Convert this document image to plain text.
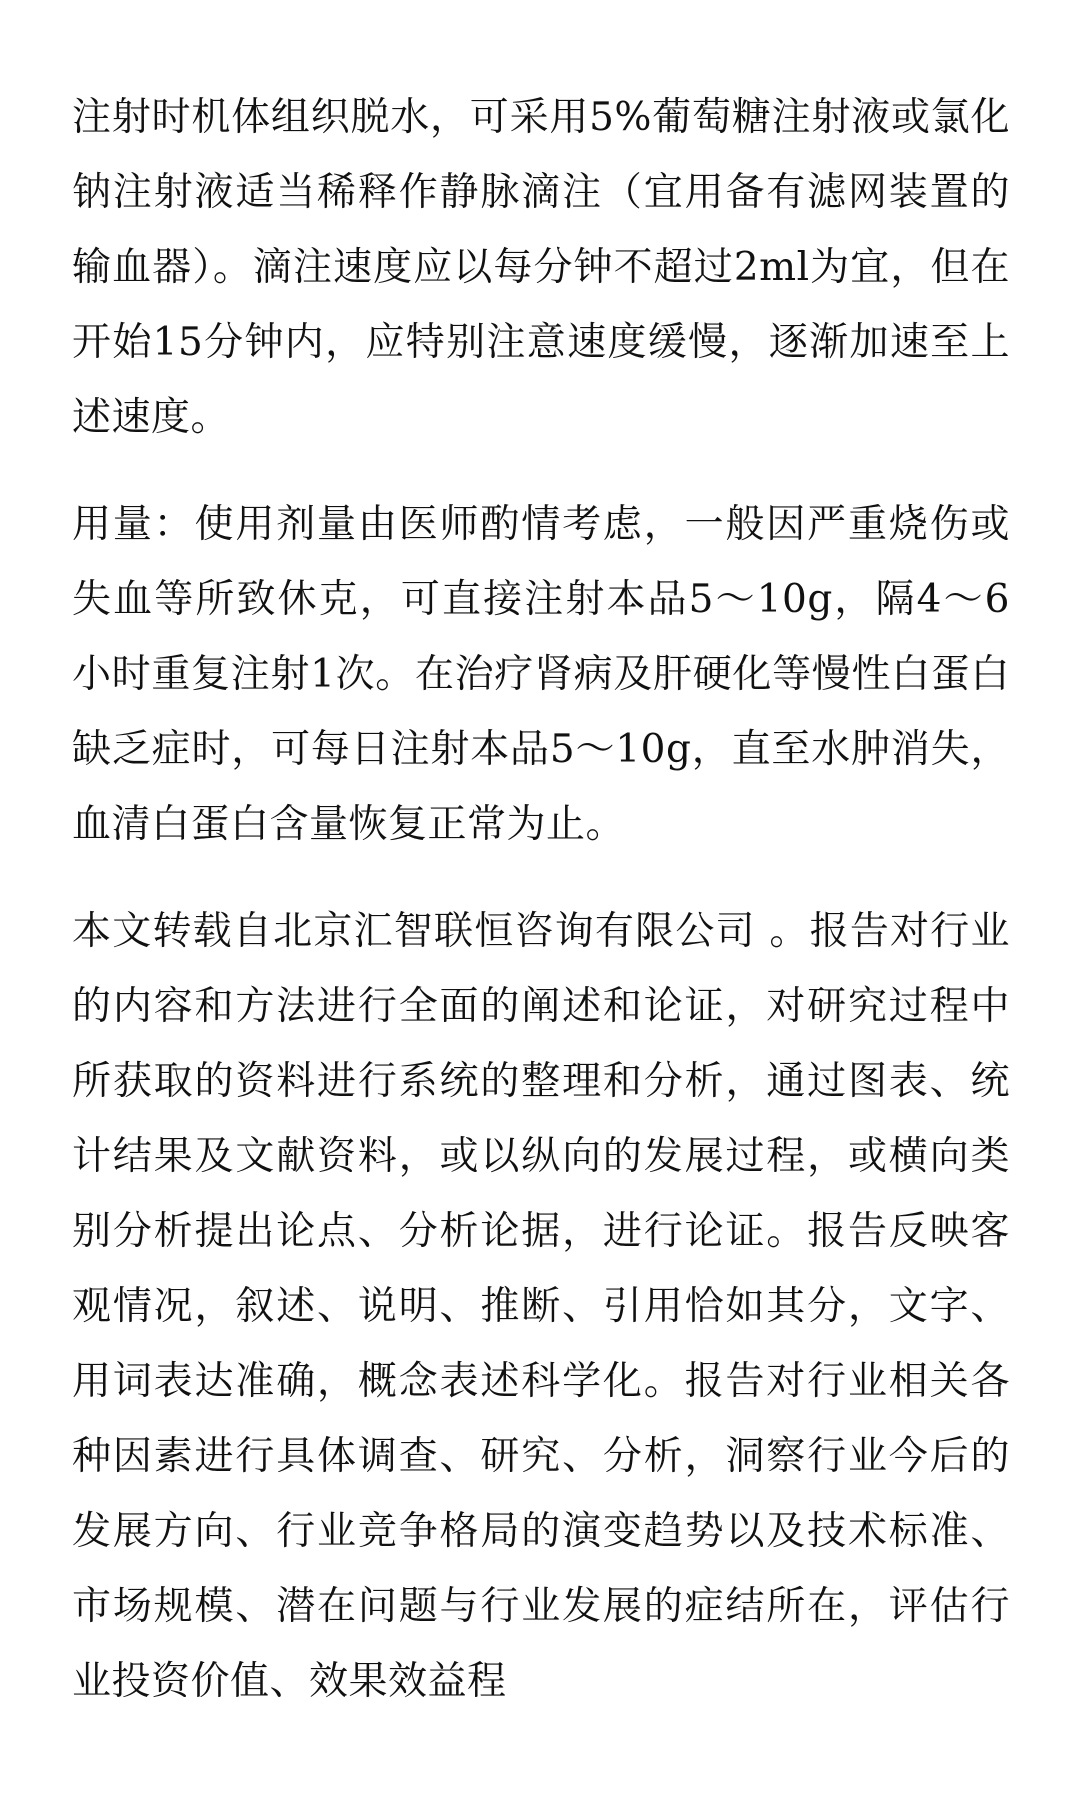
注射时机体组织脱水，可采用5%葡萄糖注射液或氯化钠注射液适当稀释作静脉滴注（宜用备有滤网装置的输血器）。滴注速度应以每分钟不超过2ml为宜，但在开始15分钟内，应特别注意速度缓慢，逐渐加速至上述速度。

用量：使用剂量由医师酌情考虑，一般因严重烧伤或失血等所致休克，可直接注射本品5～10g，隔4～6小时重复注射1次。在治疗肾病及肝硬化等慢性白蛋白缺乏症时，可每日注射本品5～10g，直至水肿消失，血清白蛋白含量恢复正常为止。

本文转载自北京汇智联恒咨询有限公司 。报告对行业的内容和方法进行全面的阐述和论证，对研究过程中所获取的资料进行系统的整理和分析，通过图表、统计结果及文献资料，或以纵向的发展过程，或横向类别分析提出论点、分析论据，进行论证。报告反映客观情况，叙述、说明、推断、引用恰如其分，文字、用词表达准确，概念表述科学化。报告对行业相关各种因素进行具体调查、研究、分析，洞察行业今后的发展方向、行业竞争格局的演变趋势以及技术标准、市场规模、潜在问题与行业发展的症结所在，评估行业投资价值、效果效益程
